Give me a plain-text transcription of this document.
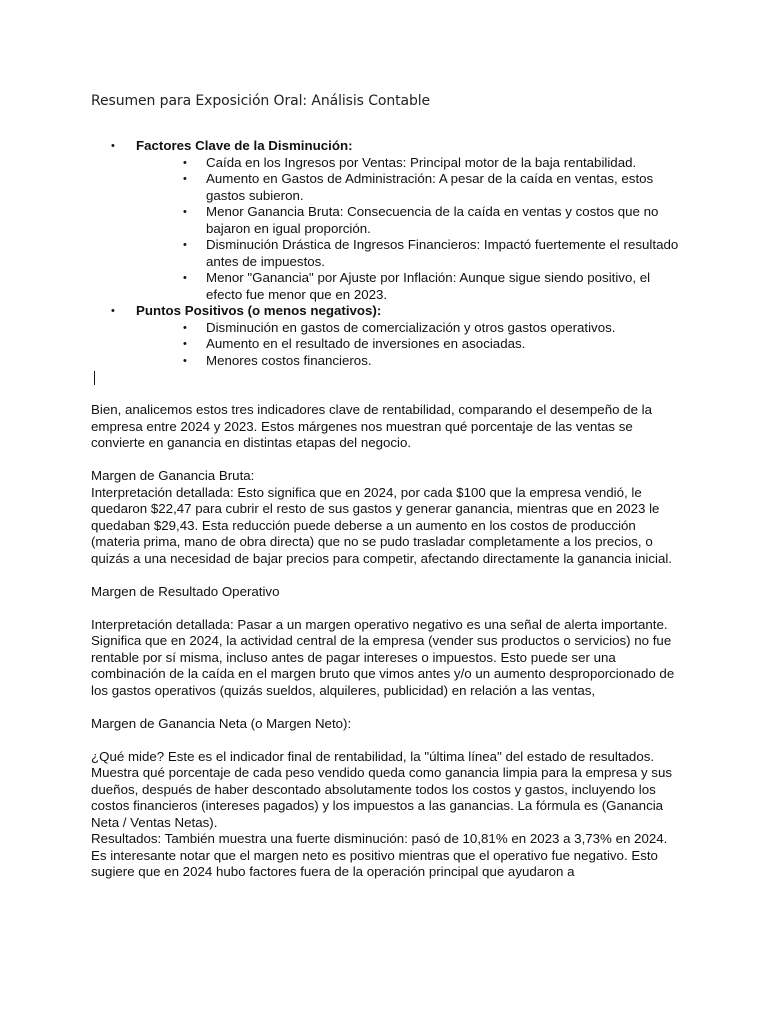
Resumen para Exposición Oral: Análisis Contable
• Factores Clave de la Disminución:
• Caída en los Ingresos por Ventas: Principal motor de la baja rentabilidad.
• Aumento en Gastos de Administración: A pesar de la caída en ventas, estos gastos subieron.
• Menor Ganancia Bruta: Consecuencia de la caída en ventas y costos que no bajaron en igual proporción.
• Disminución Drástica de Ingresos Financieros: Impactó fuertemente el resultado antes de impuestos.
• Menor "Ganancia" por Ajuste por Inflación: Aunque sigue siendo positivo, el efecto fue menor que en 2023.
• Puntos Positivos (o menos negativos):
• Disminución en gastos de comercialización y otros gastos operativos.
• Aumento en el resultado de inversiones en asociadas.
• Menores costos financieros.

Bien, analicemos estos tres indicadores clave de rentabilidad, comparando el desempeño de la empresa entre 2024 y 2023. Estos márgenes nos muestran qué porcentaje de las ventas se convierte en ganancia en distintas etapas del negocio.

Margen de Ganancia Bruta:

Interpretación detallada: Esto significa que en 2024, por cada $100 que la empresa vendió, le quedaron $22,47 para cubrir el resto de sus gastos y generar ganancia, mientras que en 2023 le quedaban $29,43. Esta reducción puede deberse a un aumento en los costos de producción (materia prima, mano de obra directa) que no se pudo trasladar completamente a los precios, o quizás a una necesidad de bajar precios para competir, afectando directamente la ganancia inicial.

Margen de Resultado Operativo

Interpretación detallada: Pasar a un margen operativo negativo es una señal de alerta importante. Significa que en 2024, la actividad central de la empresa (vender sus productos o servicios) no fue rentable por sí misma, incluso antes de pagar intereses o impuestos. Esto puede ser una combinación de la caída en el margen bruto que vimos antes y/o un aumento desproporcionado de los gastos operativos (quizás sueldos, alquileres, publicidad) en relación a las ventas,

Margen de Ganancia Neta (o Margen Neto):

¿Qué mide? Este es el indicador final de rentabilidad, la "última línea" del estado de resultados. Muestra qué porcentaje de cada peso vendido queda como ganancia limpia para la empresa y sus dueños, después de haber descontado absolutamente todos los costos y gastos, incluyendo los costos financieros (intereses pagados) y los impuestos a las ganancias. La fórmula es (Ganancia Neta / Ventas Netas).

Resultados: También muestra una fuerte disminución: pasó de 10,81% en 2023 a 3,73% en 2024.

Es interesante notar que el margen neto es positivo mientras que el operativo fue negativo. Esto sugiere que en 2024 hubo factores fuera de la operación principal que ayudaron a
